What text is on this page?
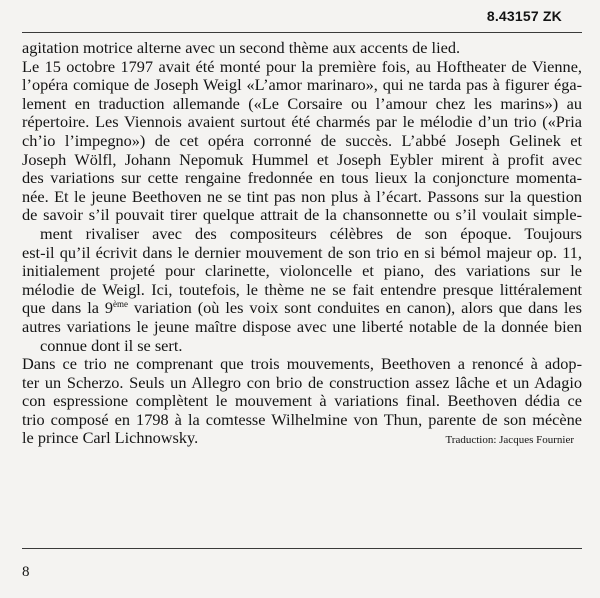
8.43157 ZK
agitation motrice alterne avec un second thème aux accents de lied.
Le 15 octobre 1797 avait été monté pour la première fois, au Hoftheater de Vienne,
l’opéra comique de Joseph Weigl «L’amor marinaro», qui ne tarda pas à figurer éga-
lement en traduction allemande («Le Corsaire ou l’amour chez les marins») au
répertoire. Les Viennois avaient surtout été charmés par le mélodie d’un trio («Pria
ch’io l’impegno») de cet opéra corronné de succès. L’abbé Joseph Gelinek et
Joseph Wölfl, Johann Nepomuk Hummel et Joseph Eybler mirent à profit avec
des variations sur cette rengaine fredonnée en tous lieux la conjoncture momenta-
née. Et le jeune Beethoven ne se tint pas non plus à l’écart. Passons sur la question
de savoir s’il pouvait tirer quelque attrait de la chansonnette ou s’il voulait simple-
ment rivaliser avec des compositeurs célèbres de son époque. Toujours
est-il qu’il écrivit dans le dernier mouvement de son trio en si bémol majeur op. 11,
initialement projeté pour clarinette, violoncelle et piano, des variations sur le
mélodie de Weigl. Ici, toutefois, le thème ne se fait entendre presque littéralement
que dans la 9ème variation (où les voix sont conduites en canon), alors que dans les
autres variations le jeune maître dispose avec une liberté notable de la donnée bien
connue dont il se sert.
Dans ce trio ne comprenant que trois mouvements, Beethoven a renoncé à adop-
ter un Scherzo. Seuls un Allegro con brio de construction assez lâche et un Adagio
con espressione complètent le mouvement à variations final. Beethoven dédia ce
trio composé en 1798 à la comtesse Wilhelmine von Thun, parente de son mécène
le prince Carl Lichnowsky.	Traduction: Jacques Fournier
8
